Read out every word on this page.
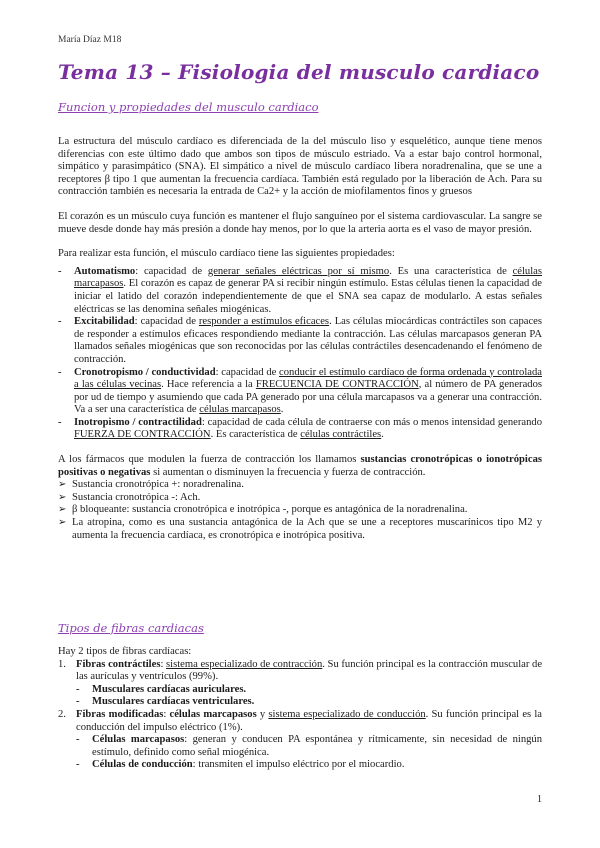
María Díaz M18
Tema 13 – Fisiologia del musculo cardiaco
Funcion y propiedades del musculo cardiaco

La estructura del músculo cardíaco es diferenciada de la del músculo liso y esquelético, aunque tiene menos diferencias con este último dado que ambos son tipos de músculo estriado. Va a estar bajo control hormonal, simpático y parasimpático (SNA). El simpático a nivel de músculo cardíaco libera noradrenalina, que se une a receptores β tipo 1 que aumentan la frecuencia cardíaca. También está regulado por la liberación de Ach. Para su contracción también es necesaria la entrada de Ca2+ y la acción de miofilamentos finos y gruesos

El corazón es un músculo cuya función es mantener el flujo sanguíneo por el sistema cardiovascular. La sangre se mueve desde donde hay más presión a donde hay menos, por lo que la arteria aorta es el vaso de mayor presión.

Para realizar esta función, el músculo cardíaco tiene las siguientes propiedades:

- Automatismo: capacidad de generar señales eléctricas por sí mismo. Es una característica de células marcapasos. El corazón es capaz de generar PA si recibir ningún estímulo. Estas células tienen la capacidad de iniciar el latido del corazón independientemente de que el SNA sea capaz de modularlo. A estas señales eléctricas se las denomina señales miogénicas.

- Excitabilidad: capacidad de responder a estímulos eficaces. Las células miocárdicas contráctiles son capaces de responder a estímulos eficaces respondiendo mediante la contracción. Las células marcapasos generan PA llamados señales miogénicas que son reconocidas por las células contráctiles desencadenando el fenómeno de contracción.

- Cronotropismo / conductividad: capacidad de conducir el estímulo cardíaco de forma ordenada y controlada a las células vecinas. Hace referencia a la FRECUENCIA DE CONTRACCIÓN, al número de PA generados por ud de tiempo y asumiendo que cada PA generado por una célula marcapasos va a generar una contracción. Va a ser una característica de células marcapasos.

- Inotropismo / contractilidad: capacidad de cada célula de contraerse con más o menos intensidad generando FUERZA DE CONTRACCIÓN. Es característica de células contráctiles.

A los fármacos que modulen la fuerza de contracción los llamamos sustancias cronotrópicas o ionotrópicas positivas o negativas si aumentan o disminuyen la frecuencia y fuerza de contracción.

➢ Sustancia cronotrópica +: noradrenalina.

➢ Sustancia cronotrópica -: Ach.

➢ β bloqueante: sustancia cronotrópica e inotrópica -, porque es antagónica de la noradrenalina.

➢ La atropina, como es una sustancia antagónica de la Ach que se une a receptores muscarínicos tipo M2 y aumenta la frecuencia cardíaca, es cronotrópica e inotrópica positiva.

Tipos de fibras cardiacas

Hay 2 tipos de fibras cardíacas:

1. Fibras contráctiles: sistema especializado de contracción. Su función principal es la contracción muscular de las aurículas y ventrículos (99%).

- Musculares cardíacas auriculares.

- Musculares cardíacas ventriculares.

2. Fibras modificadas: células marcapasos y sistema especializado de conducción. Su función principal es la conducción del impulso eléctrico (1%).

- Células marcapasos: generan y conducen PA espontánea y rítmicamente, sin necesidad de ningún estímulo, definido como señal miogénica.

- Células de conducción: transmiten el impulso eléctrico por el miocardio.

1
